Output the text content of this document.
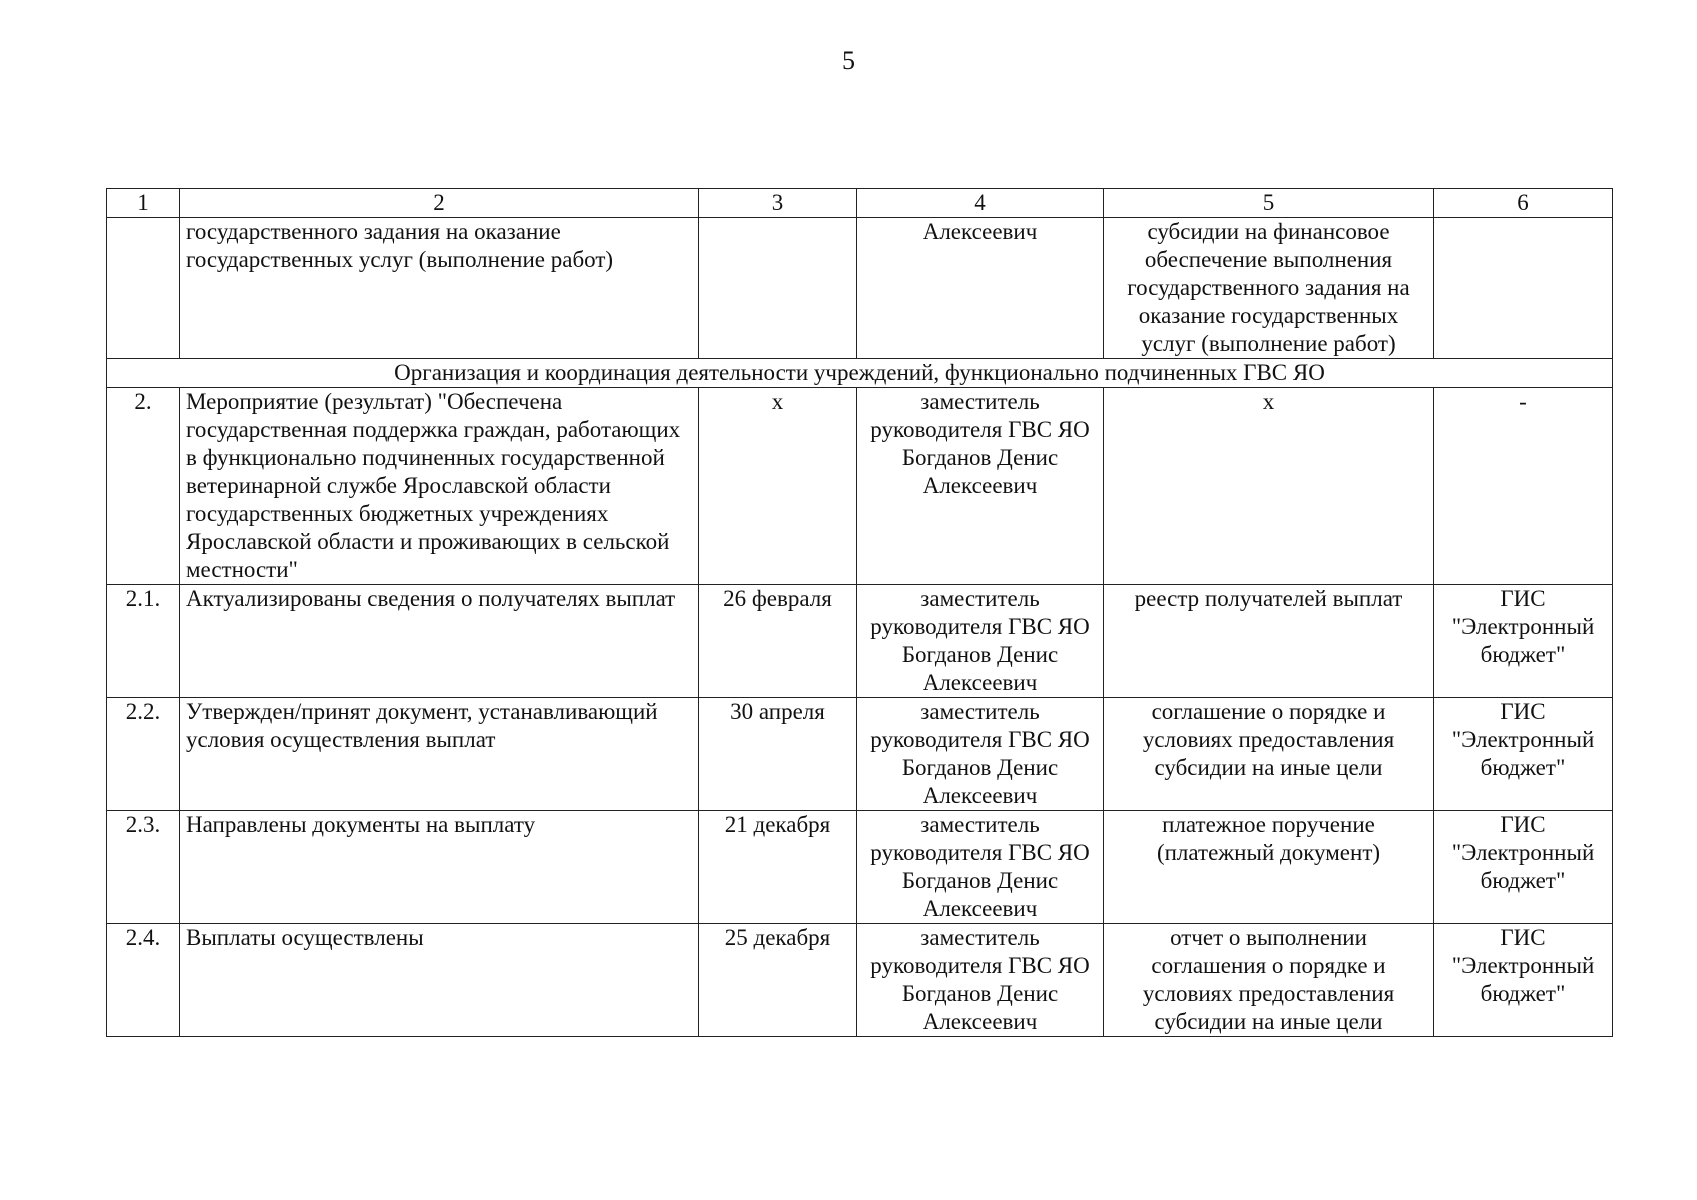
5
1	2	3	4	5	6
	государственного задания на оказание государственных услуг (выполнение работ)		Алексеевич	субсидии на финансовое обеспечение выполнения государственного задания на оказание государственных услуг (выполнение работ)	
Организация и координация деятельности учреждений, функционально подчиненных ГВС ЯО					
2.	Мероприятие (результат) "Обеспечена государственная поддержка граждан, работающих в функционально подчиненных государственной ветеринарной службе Ярославской области государственных бюджетных учреждениях Ярославской области и проживающих в сельской местности"	x	заместитель руководителя ГВС ЯО Богданов Денис Алексеевич	x	-
2.1.	Актуализированы сведения о получателях выплат	26 февраля	заместитель руководителя ГВС ЯО Богданов Денис Алексеевич	реестр получателей выплат	ГИС "Электронный бюджет"
2.2.	Утвержден/принят документ, устанавливающий условия осуществления выплат	30 апреля	заместитель руководителя ГВС ЯО Богданов Денис Алексеевич	соглашение о порядке и условиях предоставления субсидии на иные цели	ГИС "Электронный бюджет"
2.3.	Направлены документы на выплату	21 декабря	заместитель руководителя ГВС ЯО Богданов Денис Алексеевич	платежное поручение (платежный документ)	ГИС "Электронный бюджет"
2.4.	Выплаты осуществлены	25 декабря	заместитель руководителя ГВС ЯО Богданов Денис Алексеевич	отчет о выполнении соглашения о порядке и условиях предоставления субсидии на иные цели	ГИС "Электронный бюджет"
